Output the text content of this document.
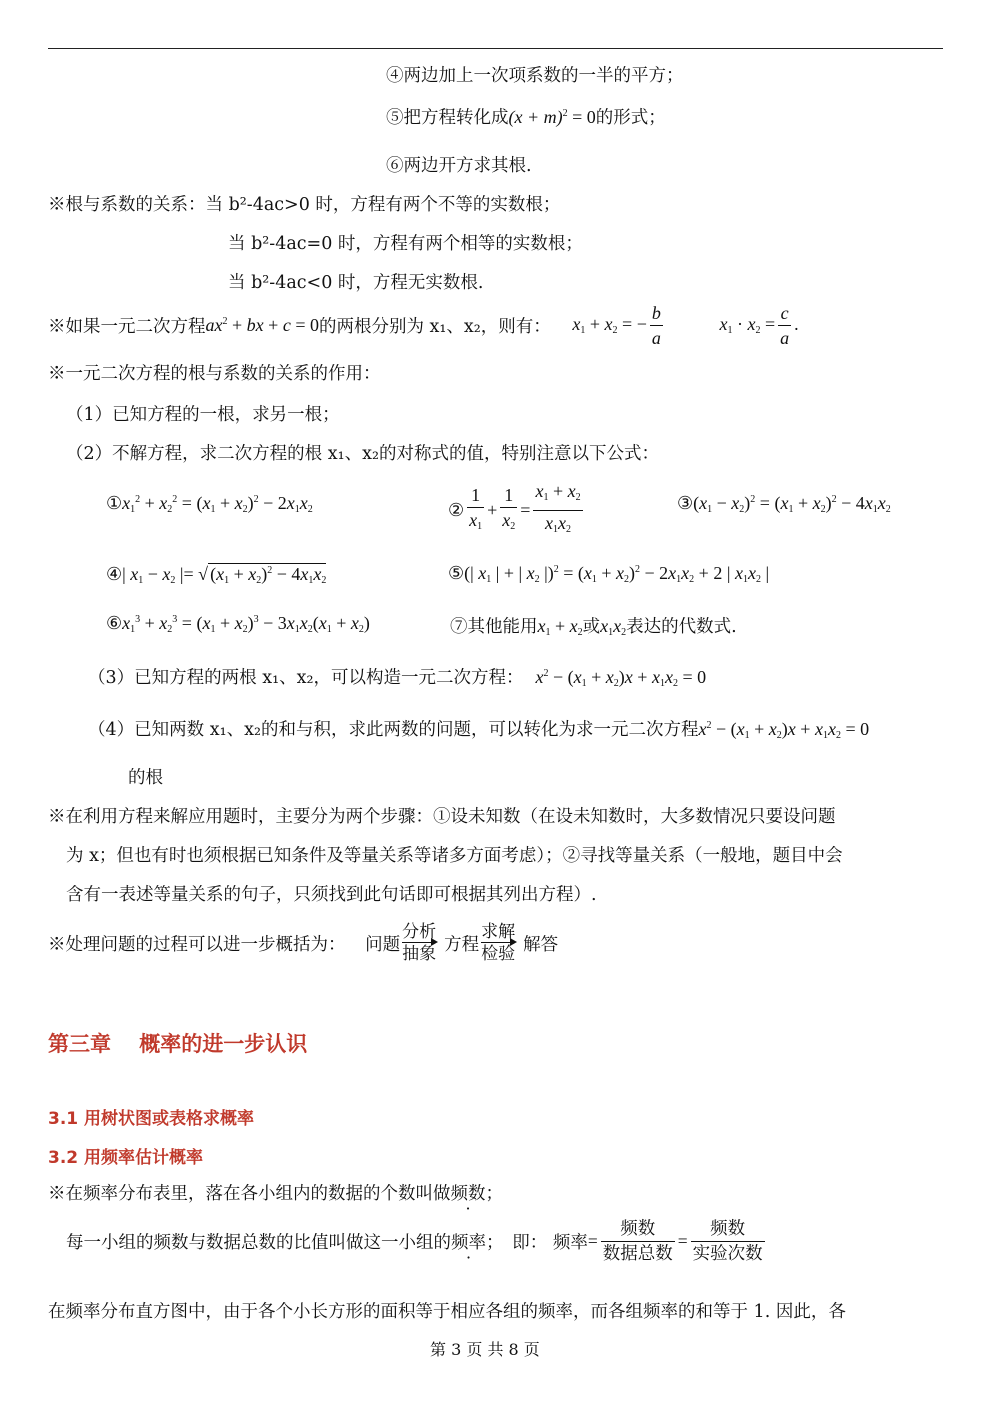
④两边加上一次项系数的一半的平方；
⑤把方程转化成$(x + m)^2 = 0$的形式；
⑥两边开方求其根.
※根与系数的关系：当 b²-4ac>0 时，方程有两个不等的实数根；
当 b²-4ac=0 时，方程有两个相等的实数根；
当 b²-4ac<0 时，方程无实数根.
※如果一元二次方程$ax^2$ + bx + c = 0的两根分别为 x₁、x₂，则有： $x_1 + x_2$ = − $\frac{b}{a}$	$x_1 \cdot x_2 = \frac{c}{a}$ .
※一元二次方程的根与系数的关系的作用：
（1）已知方程的一根，求另一根；
（2）不解方程，求二次方程的根 x₁、x₂的对称式的值，特别注意以下公式：
$①x_1^2 + x_2^2 = (x_1 + x_2)^2 - 2x_1x_2$	② $\frac{1}{x_1} + \frac{1}{x_2} = \frac{x_1 + x_2}{x_1x_2}$	$③(x_1 - x_2)^2 = (x_1 + x_2)^2 - 4x_1x_2$
④| $x_1 - x_2$ |= √ $(x_1 + x_2)^2 - 4x_1x_2$	⑤(| $x_1$ | + | $x_2$ $|)^2 = (x_1 + x_2)^2 - 2x_1x_2 + 2$ | $x_1x_2$ |
$⑥x_1^3 + x_2^3 = (x_1 + x_2)^3 - 3x_1x_2(x_1 + x_2)$	⑦其他能用$x_1 + x_2$或$x_1x_2$表达的代数式.
（3）已知方程的两根 x₁、x₂，可以构造一元二次方程： $x^2 - (x_1 + x_2)x + x_1x_2 = 0$
（4）已知两数 x₁、x₂的和与积，求此两数的问题，可以转化为求一元二次方程$x^2 - (x_1 + x_2)x + x_1x_2 = 0$
的根
※在利用方程来解应用题时，主要分为两个步骤：①设未知数（在设未知数时，大多数情况只要设问题
为 x；但也有时也须根据已知条件及等量关系等诸多方面考虑）；②寻找等量关系（一般地，题目中会
含有一表述等量关系的句子，只须找到此句话即可根据其列出方程）.
※处理问题的过程可以进一步概括为： 问题
分析
抽象 方程
求解
检验 解答
第三章　 概率的进一步认识
3.1 用树状图或表格求概率
3.2 用频率估计概率
※在频率分布表里，落在各小组内的数据的个数叫做频数；
每一小组的频数与数据总数的比值叫做这一小组的频率；　即： 频率= $\frac{\text{频数}}{\text{数据总数}} = \frac{\text{频数}}{\text{实验次数}}$
在频率分布直方图中，由于各个小长方形的面积等于相应各组的频率，而各组频率的和等于 1. 因此，各
第 3 页 共 8 页
